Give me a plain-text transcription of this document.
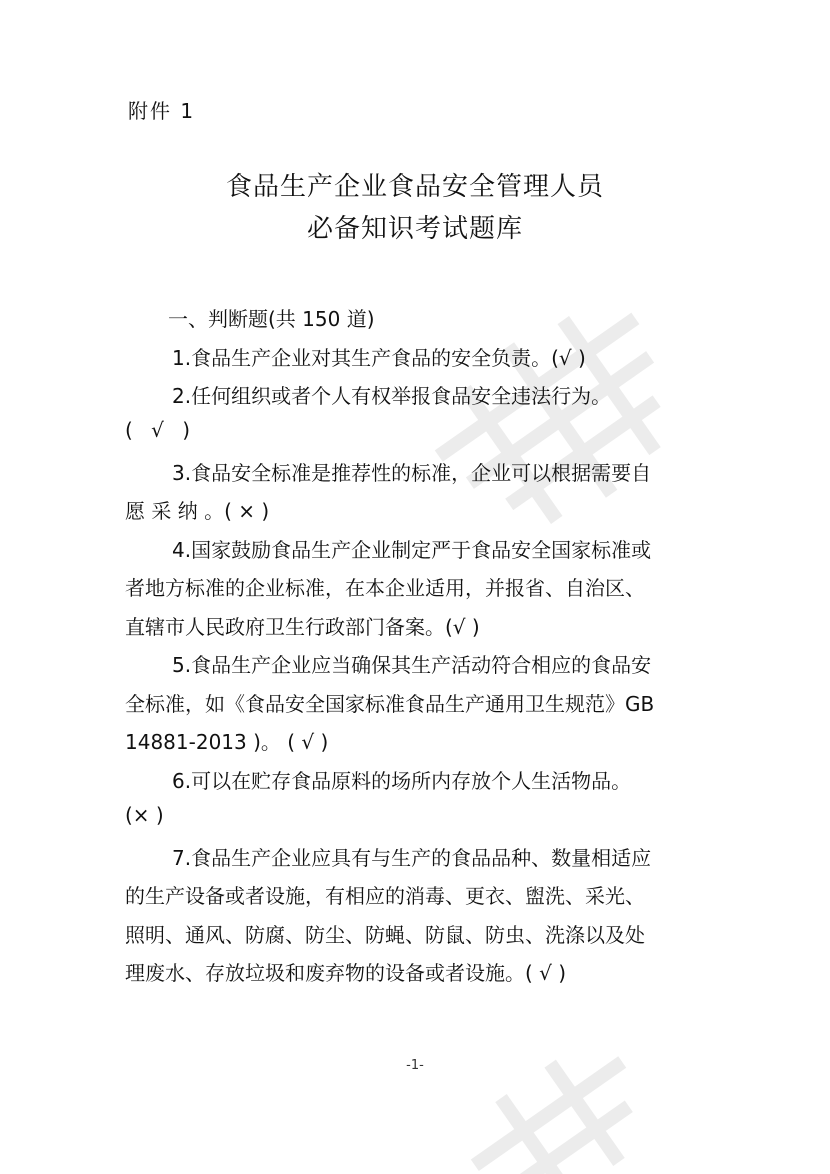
附件 1
食品生产企业食品安全管理人员
必备知识考试题库
一、判断题(共 150 道)
1.食品生产企业对其生产食品的安全负责。(√ )
2.任何组织或者个人有权举报食品安全违法行为。
( √ )
3.食品安全标准是推荐性的标准，企业可以根据需要自
愿 采 纳 。( × )
4.国家鼓励食品生产企业制定严于食品安全国家标准或
者地方标准的企业标准，在本企业适用，并报省、自治区、
直辖市人民政府卫生行政部门备案。(√ )
5.食品生产企业应当确保其生产活动符合相应的食品安
全标准，如《食品安全国家标准食品生产通用卫生规范》GB
14881-2013 )。 ( √ )
6.可以在贮存食品原料的场所内存放个人生活物品。
(× )
7.食品生产企业应具有与生产的食品品种、数量相适应
的生产设备或者设施，有相应的消毒、更衣、盥洗、采光、
照明、通风、防腐、防尘、防蝇、防鼠、防虫、洗涤以及处
理废水、存放垃圾和废弃物的设备或者设施。( √ )
-1-
